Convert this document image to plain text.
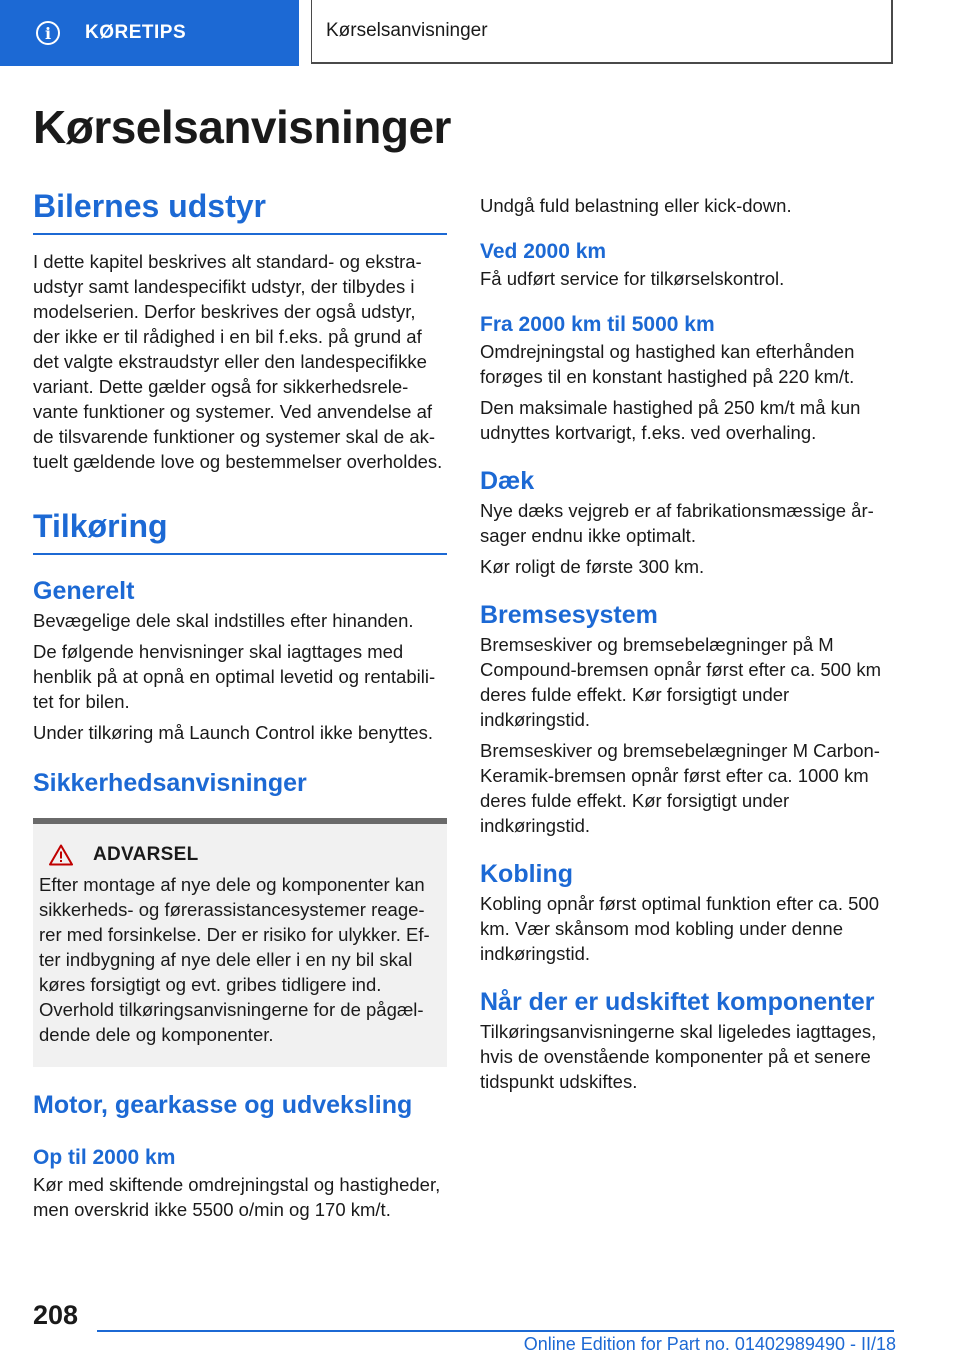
i	KØRETIPS	Kørselsanvisninger
Kørselsanvisninger
Bilernes udstyr

I dette kapitel beskrives alt standard- og ekstraudstyr samt landespecifikt udstyr, der tilbydes i modelserien. Derfor beskrives der også udstyr, der ikke er til rådighed i en bil f.eks. på grund af det valgte ekstraudstyr eller den landespecifikke variant. Dette gælder også for sikkerhedsrelevante funktioner og systemer. Ved anvendelse af de tilsvarende funktioner og systemer skal de aktuelt gældende love og bestemmelser overholdes.

Tilkøring
Generelt

Bevægelige dele skal indstilles efter hinanden.

De følgende henvisninger skal iagttages med henblik på at opnå en optimal levetid og rentabilitet for bilen.

Under tilkøring må Launch Control ikke benyttes.

Sikkerhedsanvisninger
ADVARSEL

Efter montage af nye dele og komponenter kan sikkerheds- og førerassistancesystemer reagerer med forsinkelse. Der er risiko for ulykker. Efter indbygning af nye dele eller i en ny bil skal køres forsigtigt og evt. gribes tidligere ind.

Overhold tilkøringsanvisningerne for de pågældende dele og komponenter.

Motor, gearkasse og udveksling
Op til 2000 km

Kør med skiftende omdrejningstal og hastigheder, men overskrid ikke 5500 o/min og 170 km/t.

Undgå fuld belastning eller kick-down.

Ved 2000 km

Få udført service for tilkørselskontrol.

Fra 2000 km til 5000 km

Omdrejningstal og hastighed kan efterhånden forøges til en konstant hastighed på 220 km/t.

Den maksimale hastighed på 250 km/t må kun udnyttes kortvarigt, f.eks. ved overhaling.

Dæk

Nye dæks vejgreb er af fabrikationsmæssige årsager endnu ikke optimalt.

Kør roligt de første 300 km.

Bremsesystem

Bremseskiver og bremsebelægninger på M Compound-bremsen opnår først efter ca. 500 km deres fulde effekt. Kør forsigtigt under indkøringstid.

Bremseskiver og bremsebelægninger M Carbon-Keramik-bremsen opnår først efter ca. 1000 km deres fulde effekt. Kør forsigtigt under indkøringstid.

Kobling

Kobling opnår først optimal funktion efter ca. 500 km. Vær skånsom mod kobling under denne indkøringstid.

Når der er udskiftet komponenter

Tilkøringsanvisningerne skal ligeledes iagttages, hvis de ovenstående komponenter på et senere tidspunkt udskiftes.

208
Online Edition for Part no. 01402989490 - II/18
